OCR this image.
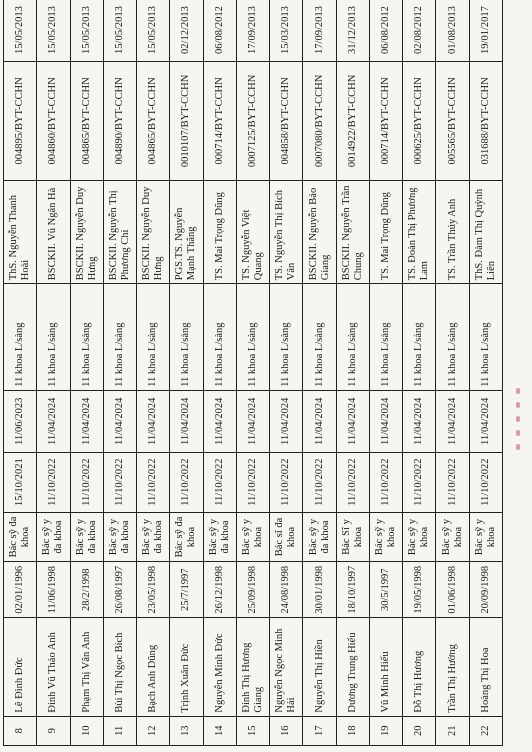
8	Lê Đình Đức	02/01/1996	Bác sỹ đa khoa	15/10/2021	11/06/2023	11 khoa L/sàng	ThS. Nguyễn Thanh Hoài	004895/BYT-CCHN	15/05/2013
9	Đinh Vũ Thảo Anh	11/06/1998	Bác sỹ y đa khoa	11/10/2022	11/04/2024	11 khoa L/sàng	BSCKII. Vũ Ngân Hà	004860/BYT-CCHN	15/05/2013
10	Phạm Thị Vân Anh	28/2/1998	Bác sỹ y đa khoa	11/10/2022	11/04/2024	11 khoa L/sàng	BSCKII. Nguyễn Duy Hưng	004865/BYT-CCHN	15/05/2013
11	Bùi Thị Ngọc Bích	26/08/1997	Bác sỹ y đa khoa	11/10/2022	11/04/2024	11 khoa L/sàng	BSCKII. Nguyễn Thị Phương Chi	004890/BYT-CCHN	15/05/2013
12	Bạch Anh Dũng	23/05/1998	Bác sỹ y đa khoa	11/10/2022	11/04/2024	11 khoa L/sàng	BSCKII. Nguyễn Duy Hưng	004865/BYT-CCHN	15/05/2013
13	Trịnh Xuân Đức	25/7/1997	Bác sỹ đa khoa	11/10/2022	11/04/2024	11 khoa L/sàng	PGS.TS. Nguyễn Mạnh Thắng	0010107/BYT-CCHN	02/12/2013
14	Nguyễn Minh Đức	26/12/1998	Bác sỹ y đa khoa	11/10/2022	11/04/2024	11 khoa L/sàng	TS. Mai Trọng Dũng	000714/BYT-CCHN	06/08/2012
15	Đinh Thị Hương Giang	25/09/1998	Bác sỹ y khoa	11/10/2022	11/04/2024	11 khoa L/sàng	TS. Nguyễn Việt Quang	0007125/BYT-CCHN	17/09/2013
16	Nguyễn Ngọc Minh Hải	24/08/1998	Bác sĩ đa khoa	11/10/2022	11/04/2024	11 khoa L/sàng	TS. Nguyễn Thị Bích Vân	004858/BYT-CCHN	15/03/2013
17	Nguyễn Thị Hiền	30/01/1998	Bác sỹ y đa khoa	11/10/2022	11/04/2024	11 khoa L/sàng	BSCKII. Nguyễn Bảo Giang	0007080/BYT-CCHN	17/09/2013
18	Dương Trung Hiếu	18/10/1997	Bác Sĩ y khoa	11/10/2022	11/04/2024	11 khoa L/sàng	BSCKII. Nguyễn Trần Chung	0014922/BYT-CCHN	31/12/2013
19	Vũ Minh Hiếu	30/5/1997	Bác sỹ y khoa	11/10/2022	11/04/2024	11 khoa L/sàng	TS. Mai Trọng Dũng	000714/BYT-CCHN	06/08/2012
20	Đỗ Thị Hương	19/05/1998	Bác sỹ y khoa	11/10/2022	11/04/2024	11 khoa L/sàng	TS. Đoàn Thị Phương Lam	000625/BYT-CCHN	02/08/2012
21	Trần Thị Hường	01/06/1998	Bác sỹ y khoa	11/10/2022	11/04/2024	11 khoa L/sàng	TS. Trần Thúy Anh	005565/BYT-CCHN	01/08/2013
22	Hoàng Thị Hoa	20/09/1998	Bác sỹ y khoa	11/10/2022	11/04/2024	11 khoa L/sàng	ThS. Đàm Thị Quỳnh Liên	031688/BYT-CCHN	19/01/2017
